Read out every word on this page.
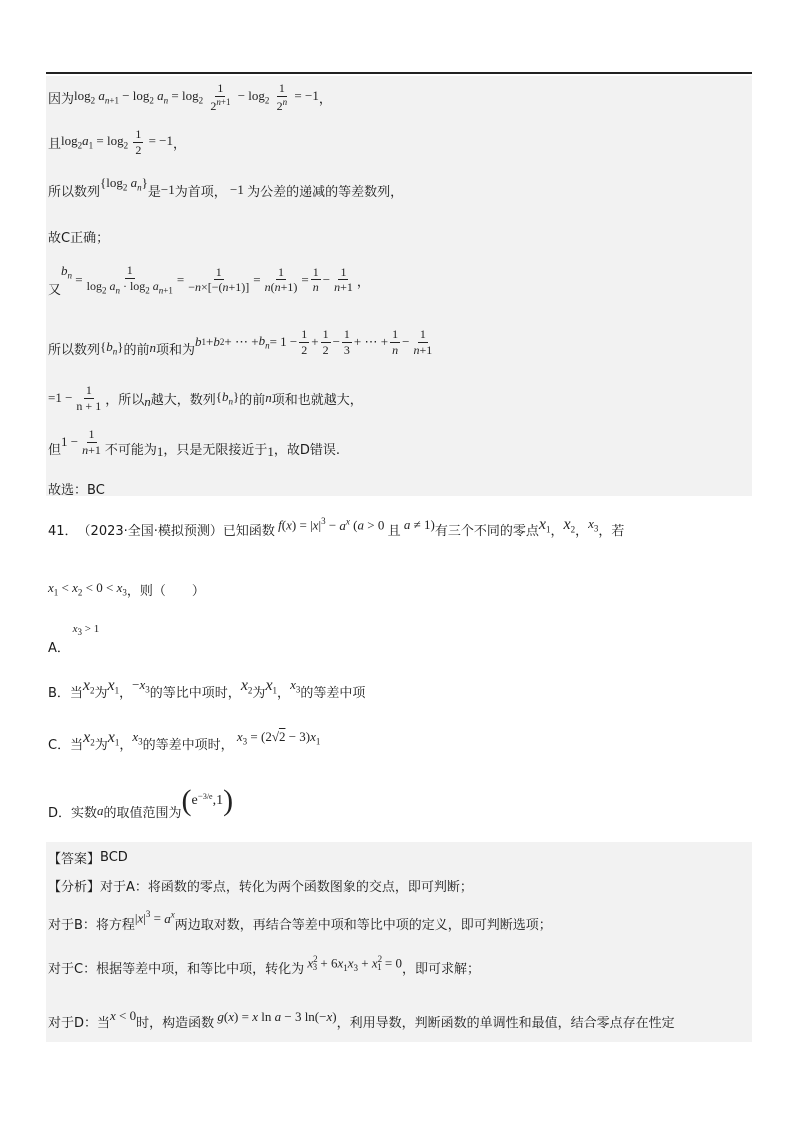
因为 $\log_2 a_{n+1} - \log_2 a_n = \log_2 \frac{1}{2^{n+1}} - \log_2 \frac{1}{2^n} = -1$ ，
且 $\log_2a_1 = \log_2 \frac{1}{2} = -1$ ，
所以数列
{$\log_2$ $a_n$}
是 −1 为首项， −1 为公差的递减的等差数列，
故C正确；
又
$b_n = \frac{1}{\log_2 a_n \cdot \log_2 a_{n+1}} = \frac{1}{-n\times[-(n+1)]} = \frac{1}{n(n+1)} = \frac{1}{n} - \frac{1}{n+1}$ ，
所以数列 $\{b_n\}$ 的前 n 项和为
b 1 + b 2 + ⋯ + $b_n = 1 - \frac{1}{2} + \frac{1}{2} - \frac{1}{3}$ + ⋯ + $\frac{1}{n} - \frac{1}{n+1}$
$=1 - \frac{1}{n + 1}$ ，所以 n 越大，数列 $\{b_n\}$ 的前 n 项和也就越大，
但
$1 - \frac{1}{n+1}$ 不可能为 1 ，只是无限接近于 1 ，故D错误.
故选：BC
41． （2023·全国·模拟预测）已知函数 $f(x) = |x|^3 - a^x$ (a > 0 且 a ≠ 1) 有三个不同的零点 $x_1$ ， $x_2$ ， $x_3$ ，若
$x_1 < x_2 < 0 < x_3$ ，则（　　）
A．
$x_3 > 1$
B．当 $x_2$ 为 $x_1$ ，
$-x_3$ 的等比中项时， $x_2$ 为 $x_1$ ，
$x_3$ 的等差中项
C．当 $x_2$ 为 $x_1$ ，
$x_3$ 的等差中项时，
$x_3 = (2√2 - 3)x_1$
D．实数 a 的取值范围为 $(e^{-3/e},1)$
【答案】 BCD
【分析】 对于A：将函数的零点，转化为两个函数图象的交点，即可判断；
对于B：将方程 $|x|^3 = a^x$
两边取对数，再结合等差中项和等比中项的定义，即可判断选项；
对于C：根据等差中项，和等比中项，转化为 $x^2_3 + 6x_1x_3 + x^2_1 = 0$ ，即可求解；
对于D：当 x < 0 时，构造函数 g(x) = x ln a − 3 ln(−x) ，利用导数，判断函数的单调性和最值，结合零点存在性定
